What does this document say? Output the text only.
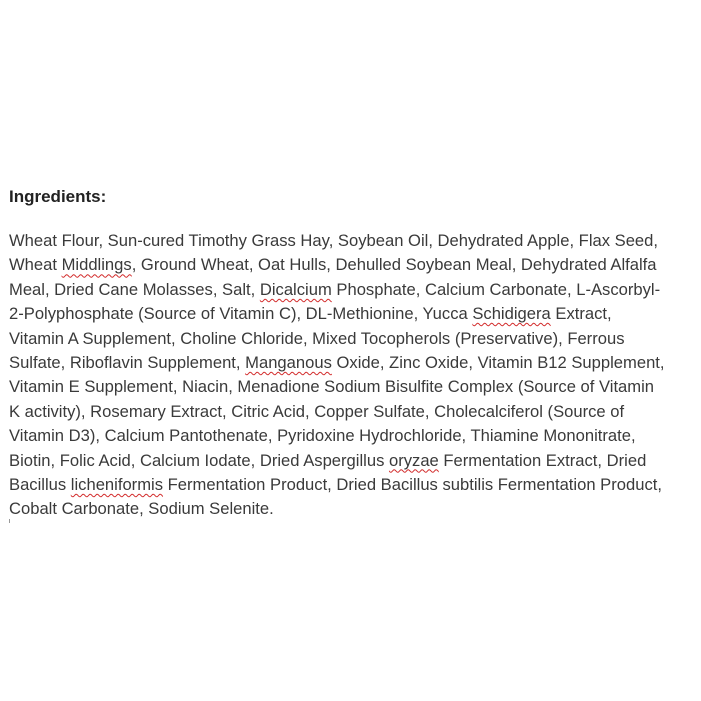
Ingredients:
Wheat Flour, Sun-cured Timothy Grass Hay, Soybean Oil, Dehydrated Apple, Flax Seed,
Wheat Middlings, Ground Wheat, Oat Hulls, Dehulled Soybean Meal, Dehydrated Alfalfa
Meal, Dried Cane Molasses, Salt, Dicalcium Phosphate, Calcium Carbonate, L-Ascorbyl-
2-Polyphosphate (Source of Vitamin C), DL-Methionine, Yucca Schidigera Extract,
Vitamin A Supplement, Choline Chloride, Mixed Tocopherols (Preservative), Ferrous
Sulfate, Riboflavin Supplement, Manganous Oxide, Zinc Oxide, Vitamin B12 Supplement,
Vitamin E Supplement, Niacin, Menadione Sodium Bisulfite Complex (Source of Vitamin
K activity), Rosemary Extract, Citric Acid, Copper Sulfate, Cholecalciferol (Source of
Vitamin D3), Calcium Pantothenate, Pyridoxine Hydrochloride, Thiamine Mononitrate,
Biotin, Folic Acid, Calcium Iodate, Dried Aspergillus oryzae Fermentation Extract, Dried
Bacillus licheniformis Fermentation Product, Dried Bacillus subtilis Fermentation Product,
Cobalt Carbonate, Sodium Selenite.
